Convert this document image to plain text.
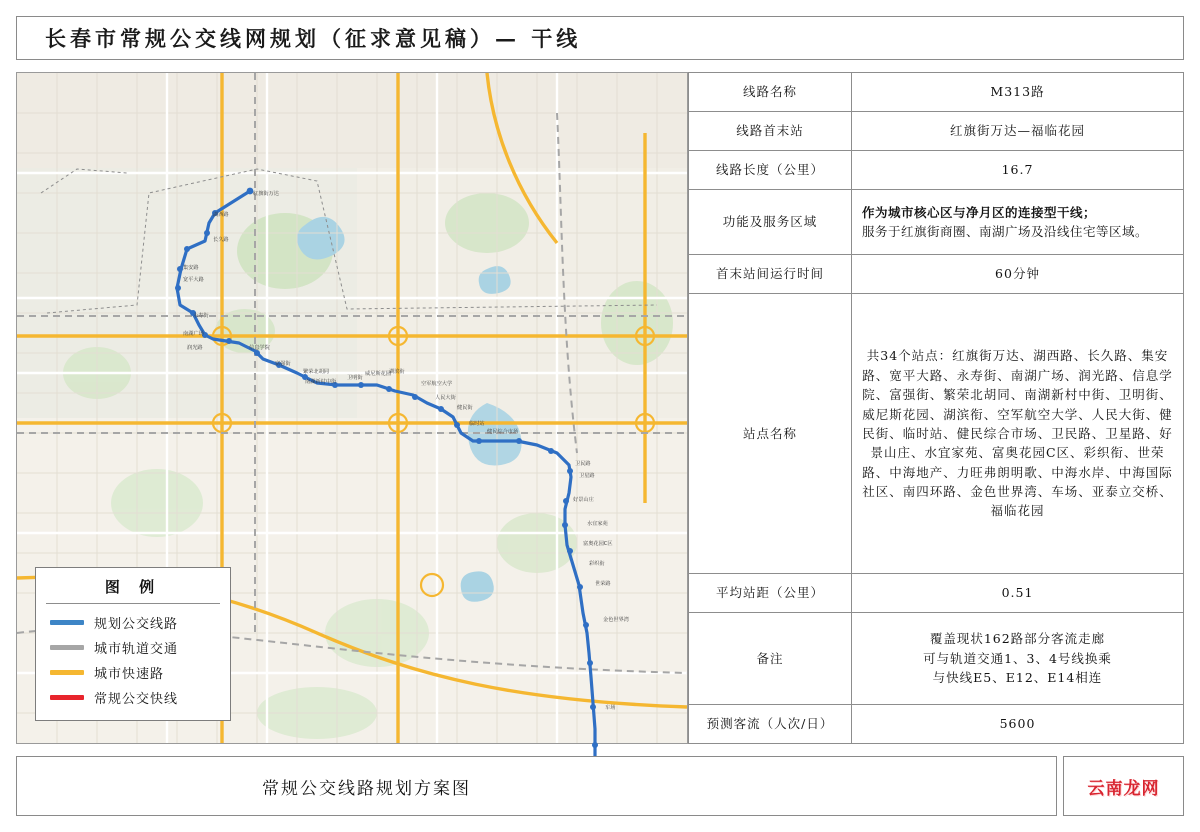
长春市常规公交线网规划（征求意见稿）— 干线
红旗街万达
湖西路
长久路
集安路
宽平大路
永寿街
南湖广场
润光路	信息学院
富强街
繁荣北胡同
南湖新村中街
卫明街
威尼斯花园
湖滨衔
空军航空大学
人民大街
健民街
临时站
健民综合市场
卫民路
卫星路
好景山庄
水宜家苑
富奥花园C区
彩织衔
世荣路
金色世界湾
车场
图 例
规划公交线路
城市轨道交通
城市快速路
常规公交快线
线路名称	M313路
线路首末站	红旗街万达—福临花园
线路长度（公里）	16.7
功能及服务区域	作为城市核心区与净月区的连接型干线；
服务于红旗街商圈、南湖广场及沿线住宅等区域。
首末站间运行时间	60分钟
站点名称	共34个站点：红旗街万达、湖西路、长久路、集安路、宽平大路、永寿街、南湖广场、润光路、信息学院、富强街、繁荣北胡同、南湖新村中街、卫明街、威尼斯花园、湖滨衔、空军航空大学、人民大街、健民街、临时站、健民综合市场、卫民路、卫星路、好景山庄、水宜家苑、富奥花园C区、彩织衔、世荣路、中海地产、力旺弗朗明歌、中海水岸、中海国际社区、南四环路、金色世界湾、车场、亚泰立交桥、福临花园
平均站距（公里）	0.51
备注	覆盖现状162路部分客流走廊
可与轨道交通1、3、4号线换乘
与快线E5、E12、E14相连

预测客流（人次/日）	5600
常规公交线路规划方案图	云南龙网
